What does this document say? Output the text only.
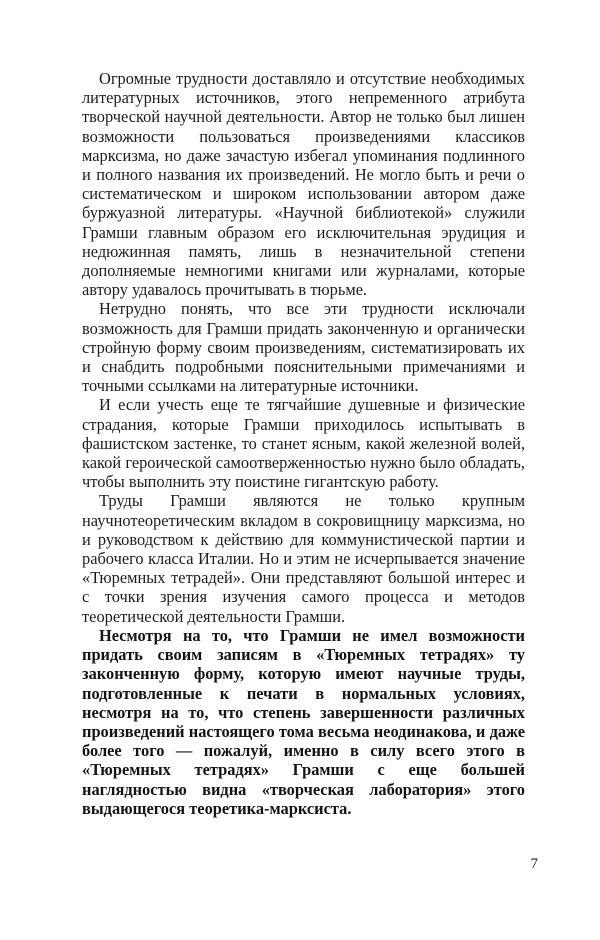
Огромные трудности доставляло и отсутствие необходимых литературных источников, этого непременного атрибута творческой научной деятельности. Автор не только был лишен возможности пользоваться произведениями классиков марксизма, но даже зачастую избегал упоминания подлинного и полного названия их произведений. Не могло быть и речи о систематическом и широком использовании автором даже буржуазной литературы. «Научной библиотекой» служили Грамши главным образом его исключительная эрудиция и недюжинная память, лишь в незначительной степени дополняемые немногими книгами или журналами, которые автору удавалось прочитывать в тюрьме.

Нетрудно понять, что все эти трудности исключали возможность для Грамши придать законченную и органически стройную форму своим произведениям, систематизировать их и снабдить подробными пояснительными примечаниями и точными ссылками на литературные источники.

И если учесть еще те тягчайшие душевные и физические страдания, которые Грамши приходилось испытывать в фашистском застенке, то станет ясным, какой железной волей, какой героической самоотверженностью нужно было обладать, чтобы выполнить эту поистине гигантскую работу.

Труды Грамши являются не только крупным научнотеоретическим вкладом в сокровищницу марксизма, но и руководством к действию для коммунистической партии и рабочего класса Италии. Но и этим не исчерпывается значение «Тюремных тетрадей». Они представляют большой интерес и с точки зрения изучения самого процесса и методов теоретической деятельности Грамши.

Несмотря на то, что Грамши не имел возможности придать своим записям в «Тюремных тетрадях» ту законченную форму, которую имеют научные труды, подготовленные к печати в нормальных условиях, несмотря на то, что степень завершенности различных произведений настоящего тома весьма неодинакова, и даже более того — пожалуй, именно в силу всего этого в «Тюремных тетрадях» Грамши с еще большей наглядностью видна «творческая лаборатория» этого выдающегося теоретика-марксиста.

7
